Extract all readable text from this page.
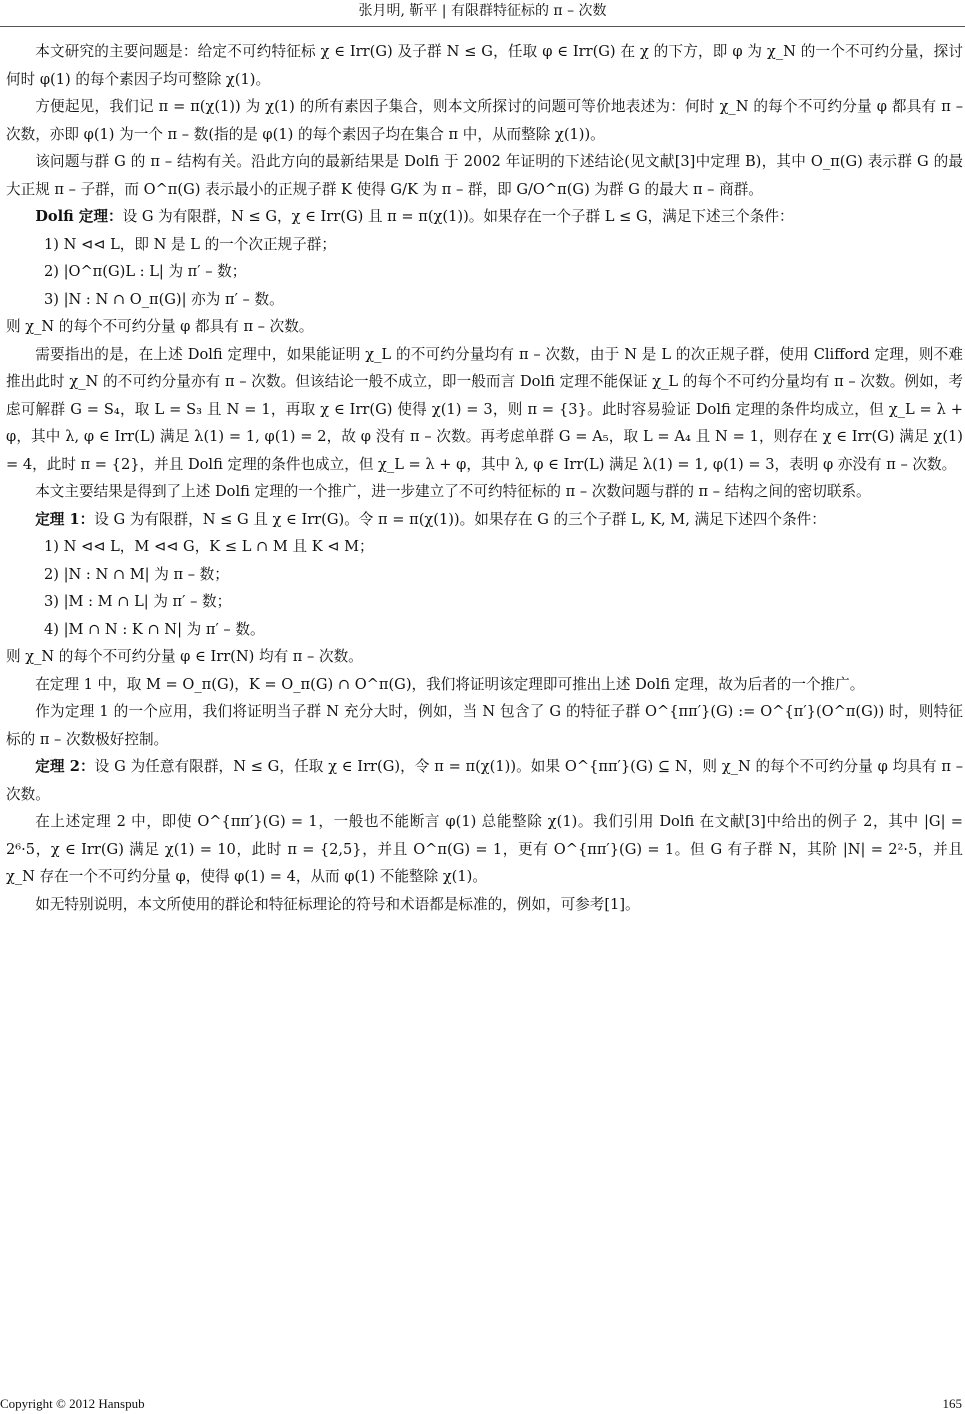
张月明, 靳平 | 有限群特征标的 π – 次数

本文研究的主要问题是：给定不可约特征标 χ ∈ Irr(G) 及子群 N ≤ G，任取 φ ∈ Irr(G) 在 χ 的下方，即 φ 为 χ_N 的一个不可约分量，探讨何时 φ(1) 的每个素因子均可整除 χ(1)。

方便起见，我们记 π = π(χ(1)) 为 χ(1) 的所有素因子集合，则本文所探讨的问题可等价地表述为：何时 χ_N 的每个不可约分量 φ 都具有 π – 次数，亦即 φ(1) 为一个 π – 数(指的是 φ(1) 的每个素因子均在集合 π 中，从而整除 χ(1))。

该问题与群 G 的 π – 结构有关。沿此方向的最新结果是 Dolfi 于 2002 年证明的下述结论(见文献[3]中定理 B)，其中 O_π(G) 表示群 G 的最大正规 π – 子群，而 O^π(G) 表示最小的正规子群 K 使得 G/K 为 π – 群，即 G/O^π(G) 为群 G 的最大 π – 商群。

Dolfi 定理：设 G 为有限群，N ≤ G，χ ∈ Irr(G) 且 π = π(χ(1))。如果存在一个子群 L ≤ G，满足下述三个条件：

1) N ⊲⊲ L，即 N 是 L 的一个次正规子群；

2) |O^π(G)L : L| 为 π′ – 数；

3) |N : N ∩ O_π(G)| 亦为 π′ – 数。

则 χ_N 的每个不可约分量 φ 都具有 π – 次数。

需要指出的是，在上述 Dolfi 定理中，如果能证明 χ_L 的不可约分量均有 π – 次数，由于 N 是 L 的次正规子群，使用 Clifford 定理，则不难推出此时 χ_N 的不可约分量亦有 π – 次数。但该结论一般不成立，即一般而言 Dolfi 定理不能保证 χ_L 的每个不可约分量均有 π – 次数。例如，考虑可解群 G = S₄，取 L = S₃ 且 N = 1，再取 χ ∈ Irr(G) 使得 χ(1) = 3，则 π = {3}。此时容易验证 Dolfi 定理的条件均成立，但 χ_L = λ + φ，其中 λ, φ ∈ Irr(L) 满足 λ(1) = 1, φ(1) = 2，故 φ 没有 π – 次数。再考虑单群 G = A₅，取 L = A₄ 且 N = 1，则存在 χ ∈ Irr(G) 满足 χ(1) = 4，此时 π = {2}，并且 Dolfi 定理的条件也成立，但 χ_L = λ + φ，其中 λ, φ ∈ Irr(L) 满足 λ(1) = 1, φ(1) = 3，表明 φ 亦没有 π – 次数。

本文主要结果是得到了上述 Dolfi 定理的一个推广，进一步建立了不可约特征标的 π – 次数问题与群的 π – 结构之间的密切联系。

定理 1：设 G 为有限群，N ≤ G 且 χ ∈ Irr(G)。令 π = π(χ(1))。如果存在 G 的三个子群 L, K, M, 满足下述四个条件：

1) N ⊲⊲ L，M ⊲⊲ G，K ≤ L ∩ M 且 K ⊲ M；

2) |N : N ∩ M| 为 π – 数；

3) |M : M ∩ L| 为 π′ – 数；

4) |M ∩ N : K ∩ N| 为 π′ – 数。

则 χ_N 的每个不可约分量 φ ∈ Irr(N) 均有 π – 次数。

在定理 1 中，取 M = O_π(G)，K = O_π(G) ∩ O^π(G)，我们将证明该定理即可推出上述 Dolfi 定理，故为后者的一个推广。

作为定理 1 的一个应用，我们将证明当子群 N 充分大时，例如，当 N 包含了 G 的特征子群 O^{ππ′}(G) := O^{π′}(O^π(G)) 时，则特征标的 π – 次数极好控制。

定理 2：设 G 为任意有限群，N ≤ G，任取 χ ∈ Irr(G)，令 π = π(χ(1))。如果 O^{ππ′}(G) ⊆ N，则 χ_N 的每个不可约分量 φ 均具有 π – 次数。

在上述定理 2 中，即使 O^{ππ′}(G) = 1，一般也不能断言 φ(1) 总能整除 χ(1)。我们引用 Dolfi 在文献[3]中给出的例子 2，其中 |G| = 2⁶·5，χ ∈ Irr(G) 满足 χ(1) = 10，此时 π = {2,5}，并且 O^π(G) = 1，更有 O^{ππ′}(G) = 1。但 G 有子群 N，其阶 |N| = 2²·5，并且 χ_N 存在一个不可约分量 φ，使得 φ(1) = 4，从而 φ(1) 不能整除 χ(1)。

如无特别说明，本文所使用的群论和特征标理论的符号和术语都是标准的，例如，可参考[1]。

Copyright © 2012 Hanspub	165
